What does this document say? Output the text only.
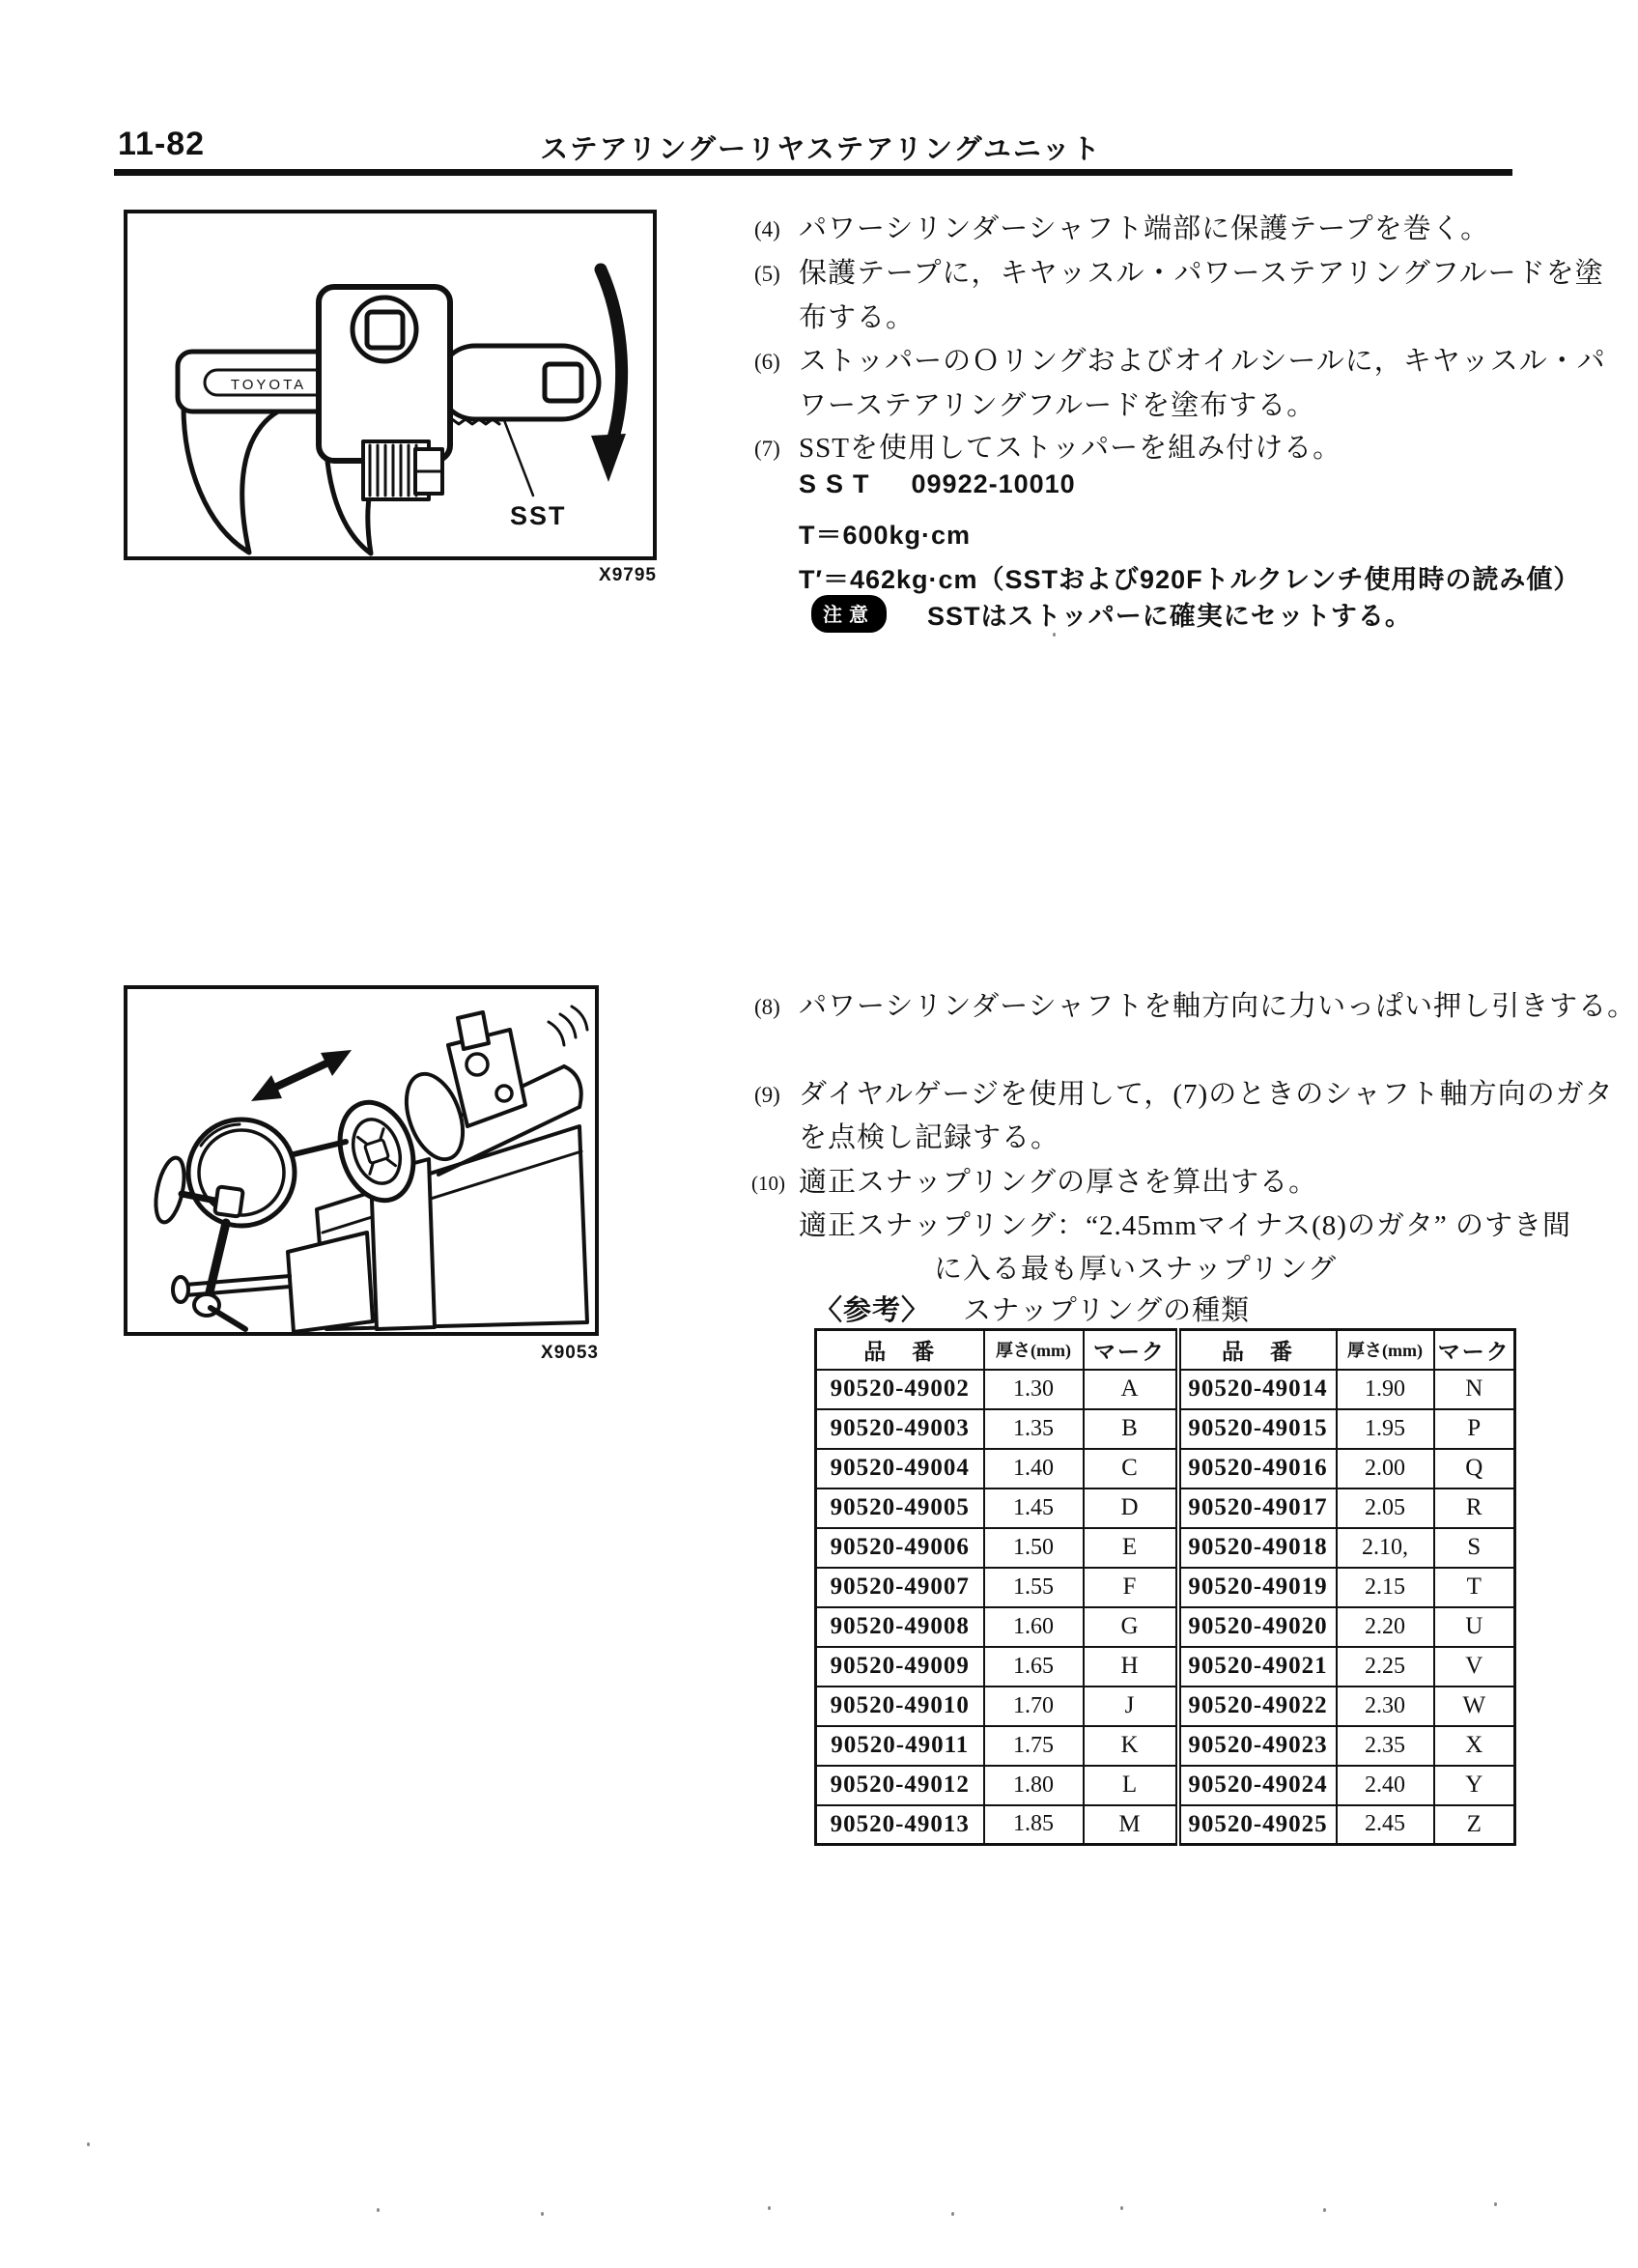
11-82	ステアリングーリヤステアリングユニット
TOYOTA
SST
X9795
(4) パワーシリンダーシャフト端部に保護テープを巻く。
(5) 保護テープに，キヤッスル・パワーステアリングフルードを塗
布する。
(6) ストッパーのＯリングおよびオイルシールに，キヤッスル・パ
ワーステアリングフルードを塗布する。
(7) SSTを使用してストッパーを組み付ける。
SST 09922-10010
T＝600kg·cm
T′＝462kg·cm（SSTおよび920Fトルクレンチ使用時の読み値）
注意 SSTはストッパーに確実にセットする。
X9053
(8) パワーシリンダーシャフトを軸方向に力いっぱい押し引きする。
(9) ダイヤルゲージを使用して，(7)のときのシャフト軸方向のガタ
を点検し記録する。
(10) 適正スナップリングの厚さを算出する。
適正スナップリング：“2.45mmマイナス(8)のガタ” のすき間
に入る最も厚いスナップリング
〈参考〉 スナップリングの種類
品　番	厚さ(mm)	マーク	品　番	厚さ(mm)	マーク
90520-49002	1.30	A	90520-49014	1.90	N
90520-49003	1.35	B	90520-49015	1.95	P
90520-49004	1.40	C	90520-49016	2.00	Q
90520-49005	1.45	D	90520-49017	2.05	R
90520-49006	1.50	E	90520-49018	2.10,	S
90520-49007	1.55	F	90520-49019	2.15	T
90520-49008	1.60	G	90520-49020	2.20	U
90520-49009	1.65	H	90520-49021	2.25	V
90520-49010	1.70	J	90520-49022	2.30	W
90520-49011	1.75	K	90520-49023	2.35	X
90520-49012	1.80	L	90520-49024	2.40	Y
90520-49013	1.85	M	90520-49025	2.45	Z
